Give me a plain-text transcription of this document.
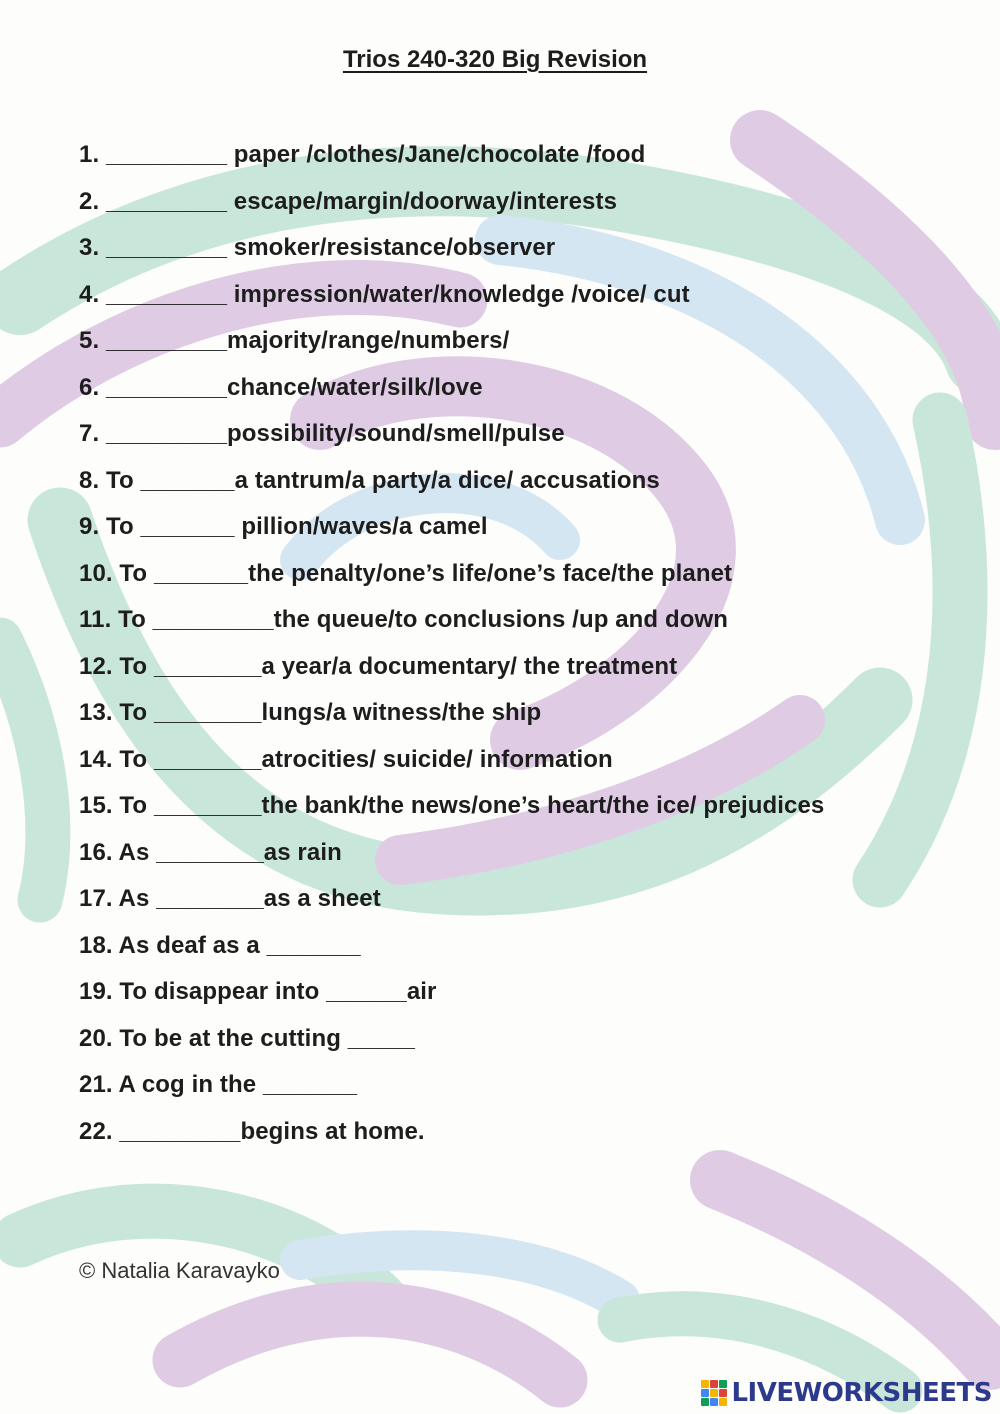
Trios 240-320 Big Revision
1. _________ paper /clothes/Jane/chocolate /food
2. _________ escape/margin/doorway/interests
3. _________ smoker/resistance/observer
4. _________ impression/water/knowledge /voice/ cut
5. _________majority/range/numbers/
6. _________chance/water/silk/love
7. _________possibility/sound/smell/pulse
8. To _______a tantrum/a party/a dice/ accusations
9. To _______ pillion/waves/a camel
10. To _______the penalty/one’s life/one’s face/the planet
11. To _________the queue/to conclusions /up and down
12. To ________a year/a documentary/ the treatment
13. To ________lungs/a witness/the ship
14. To ________atrocities/ suicide/ information
15. To ________the bank/the news/one’s heart/the ice/ prejudices
16. As ________as rain
17. As ________as a sheet
18. As deaf as a _______
19. To disappear into ______air
20. To be at the cutting _____
21. A cog in the _______
22. _________begins at home.
© Natalia Karavayko
LIVEWORKSHEETS
